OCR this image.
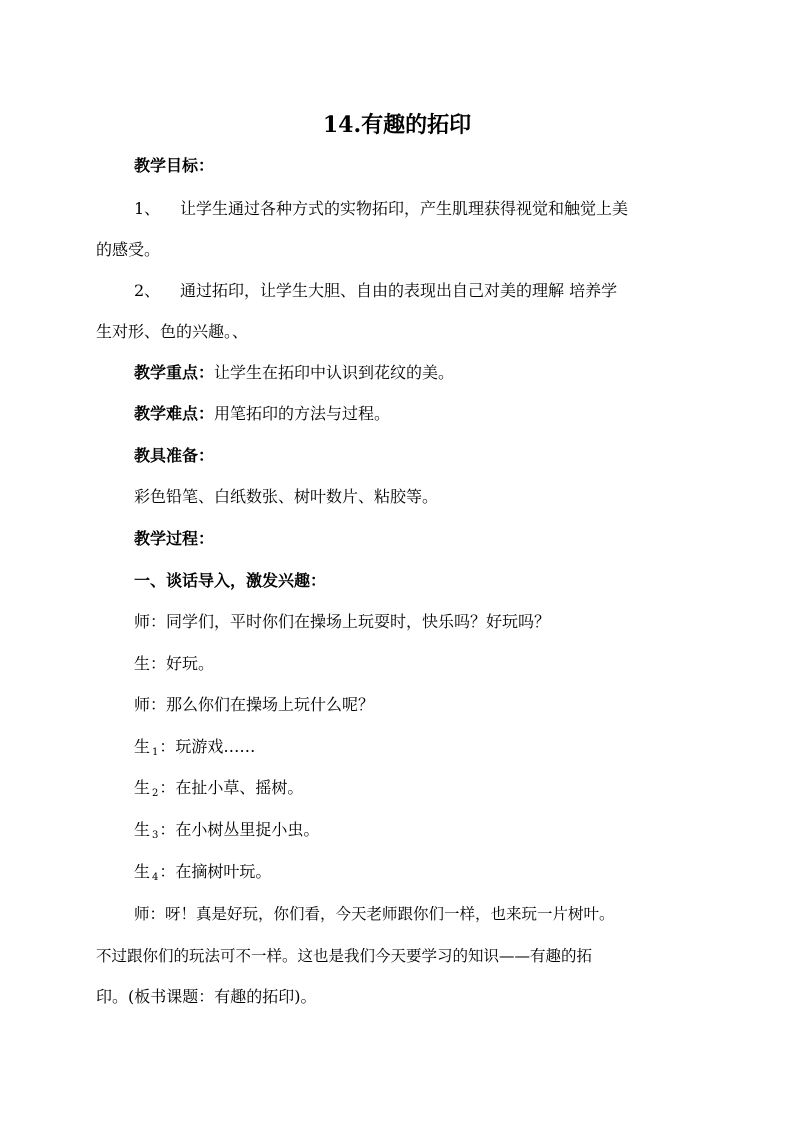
14.有趣的拓印
教学目标：
1、 让学生通过各种方式的实物拓印，产生肌理获得视觉和触觉上美
的感受。
2、 通过拓印，让学生大胆、自由的表现出自己对美的理解 培养学
生对形、色的兴趣。、
教学重点：让学生在拓印中认识到花纹的美。
教学难点：用笔拓印的方法与过程。
教具准备：
彩色铅笔、白纸数张、树叶数片、粘胶等。
教学过程：
一、谈话导入，激发兴趣：
师：同学们，平时你们在操场上玩耍时，快乐吗？好玩吗？
生：好玩。
师：那么你们在操场上玩什么呢？
生 $_1$：玩游戏……
生 $_2$：在扯小草、摇树。
生 $_3$：在小树丛里捉小虫。
生 $_4$：在摘树叶玩。
师：呀！真是好玩，你们看，今天老师跟你们一样，也来玩一片树叶。
不过跟你们的玩法可不一样。这也是我们今天要学习的知识——有趣的拓
印。(板书课题：有趣的拓印)。
